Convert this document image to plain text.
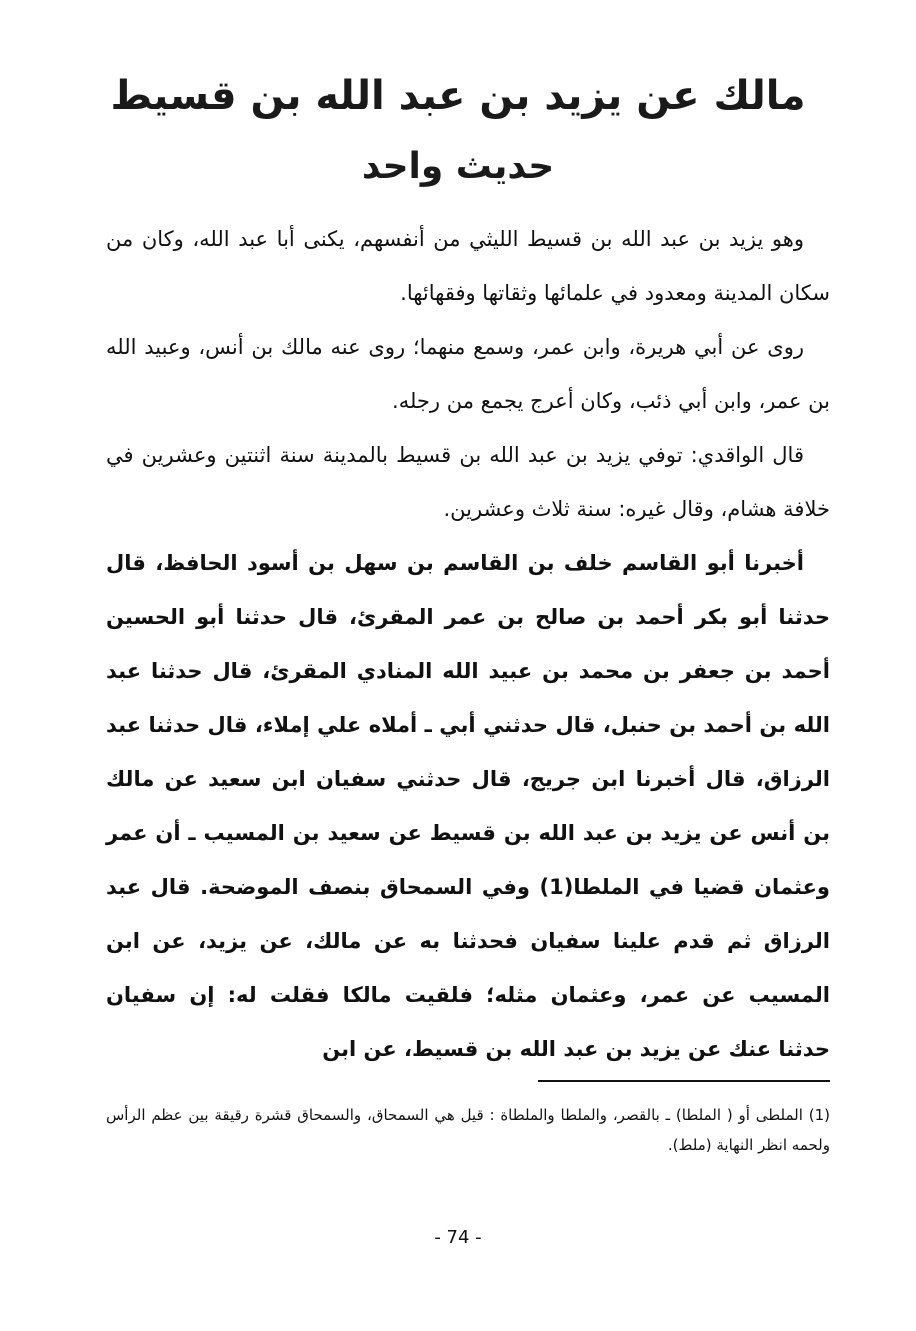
مالك عن يزيد بن عبد الله بن قسيط
حديث واحد

وهو يزيد بن عبد الله بن قسيط الليثي من أنفسهم، يكنى أبا عبد الله، وكان من سكان المدينة ومعدود في علمائها وثقاتها وفقهائها.

روى عن أبي هريرة، وابن عمر، وسمع منهما؛ روى عنه مالك بن أنس، وعبيد الله بن عمر، وابن أبي ذئب، وكان أعرج يجمع من رجله.

قال الواقدي: توفي يزيد بن عبد الله بن قسيط بالمدينة سنة اثنتين وعشرين في خلافة هشام، وقال غيره: سنة ثلاث وعشرين.

أخبرنا أبو القاسم خلف بن القاسم بن سهل بن أسود الحافظ، قال حدثنا أبو بكر أحمد بن صالح بن عمر المقرئ، قال حدثنا أبو الحسين أحمد بن جعفر بن محمد بن عبيد الله المنادي المقرئ، قال حدثنا عبد الله بن أحمد بن حنبل، قال حدثني أبي ـ أملاه علي إملاء، قال حدثنا عبد الرزاق، قال أخبرنا ابن جريج، قال حدثني سفيان ابن سعيد عن مالك بن أنس عن يزيد بن عبد الله بن قسيط عن سعيد بن المسيب ـ أن عمر وعثمان قضيا في الملطا(1) وفي السمحاق بنصف الموضحة. قال عبد الرزاق ثم قدم علينا سفيان فحدثنا به عن مالك، عن يزيد، عن ابن المسيب عن عمر، وعثمان مثله؛ فلقيت مالكا فقلت له: إن سفيان حدثنا عنك عن يزيد بن عبد الله بن قسيط، عن ابن

(1) الملطى أو ( الملطا) ـ بالقصر، والملطا والملطاة : قيل هي السمحاق، والسمحاق قشرة رقيقة بين عظم الرأس ولحمه انظر النهاية (ملط).

- 74 -
